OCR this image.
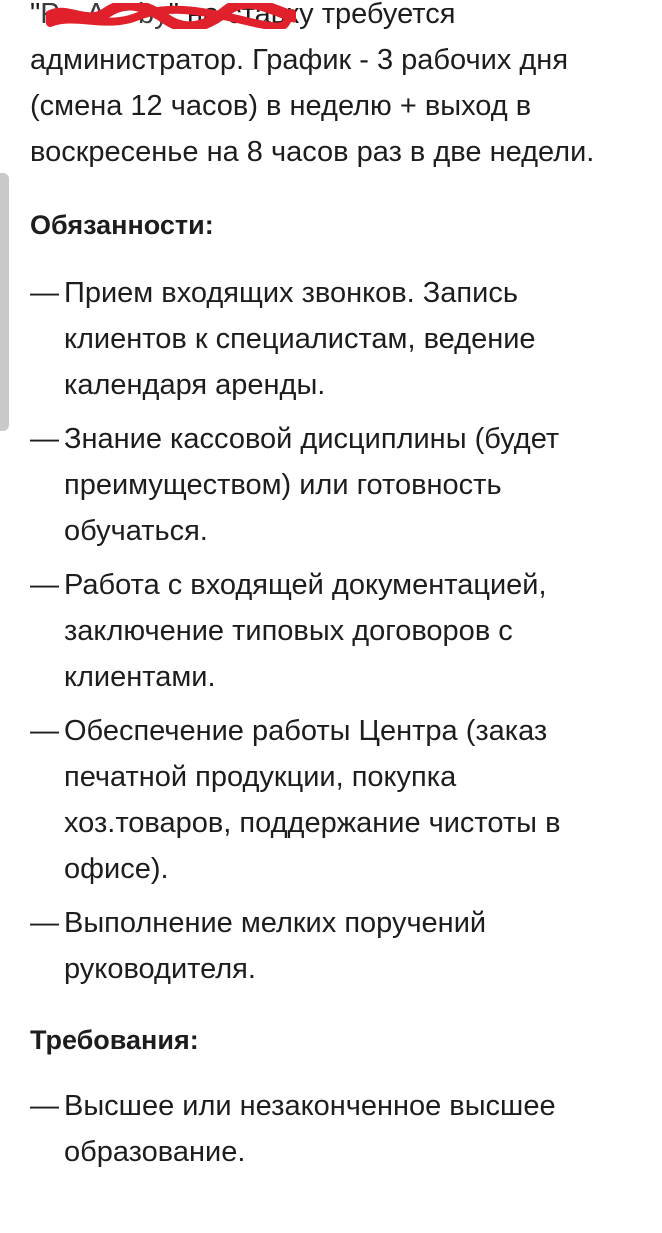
"Р... А... by
" на ставку требуется администратор. График - 3 рабочих дня (смена 12 часов) в неделю + выход в воскресенье на 8 часов раз в две недели.

Обязанности:
— Прием входящих звонков. Запись клиентов к специалистам, ведение календаря аренды.
— Знание кассовой дисциплины (будет преимуществом) или готовность обучаться.
— Работа с входящей документацией, заключение типовых договоров с клиентами.
— Обеспечение работы Центра (заказ печатной продукции, покупка хоз.товаров, поддержание чистоты в офисе).
— Выполнение мелких поручений руководителя.
Требования:
— Высшее или незаконченное высшее образование.
